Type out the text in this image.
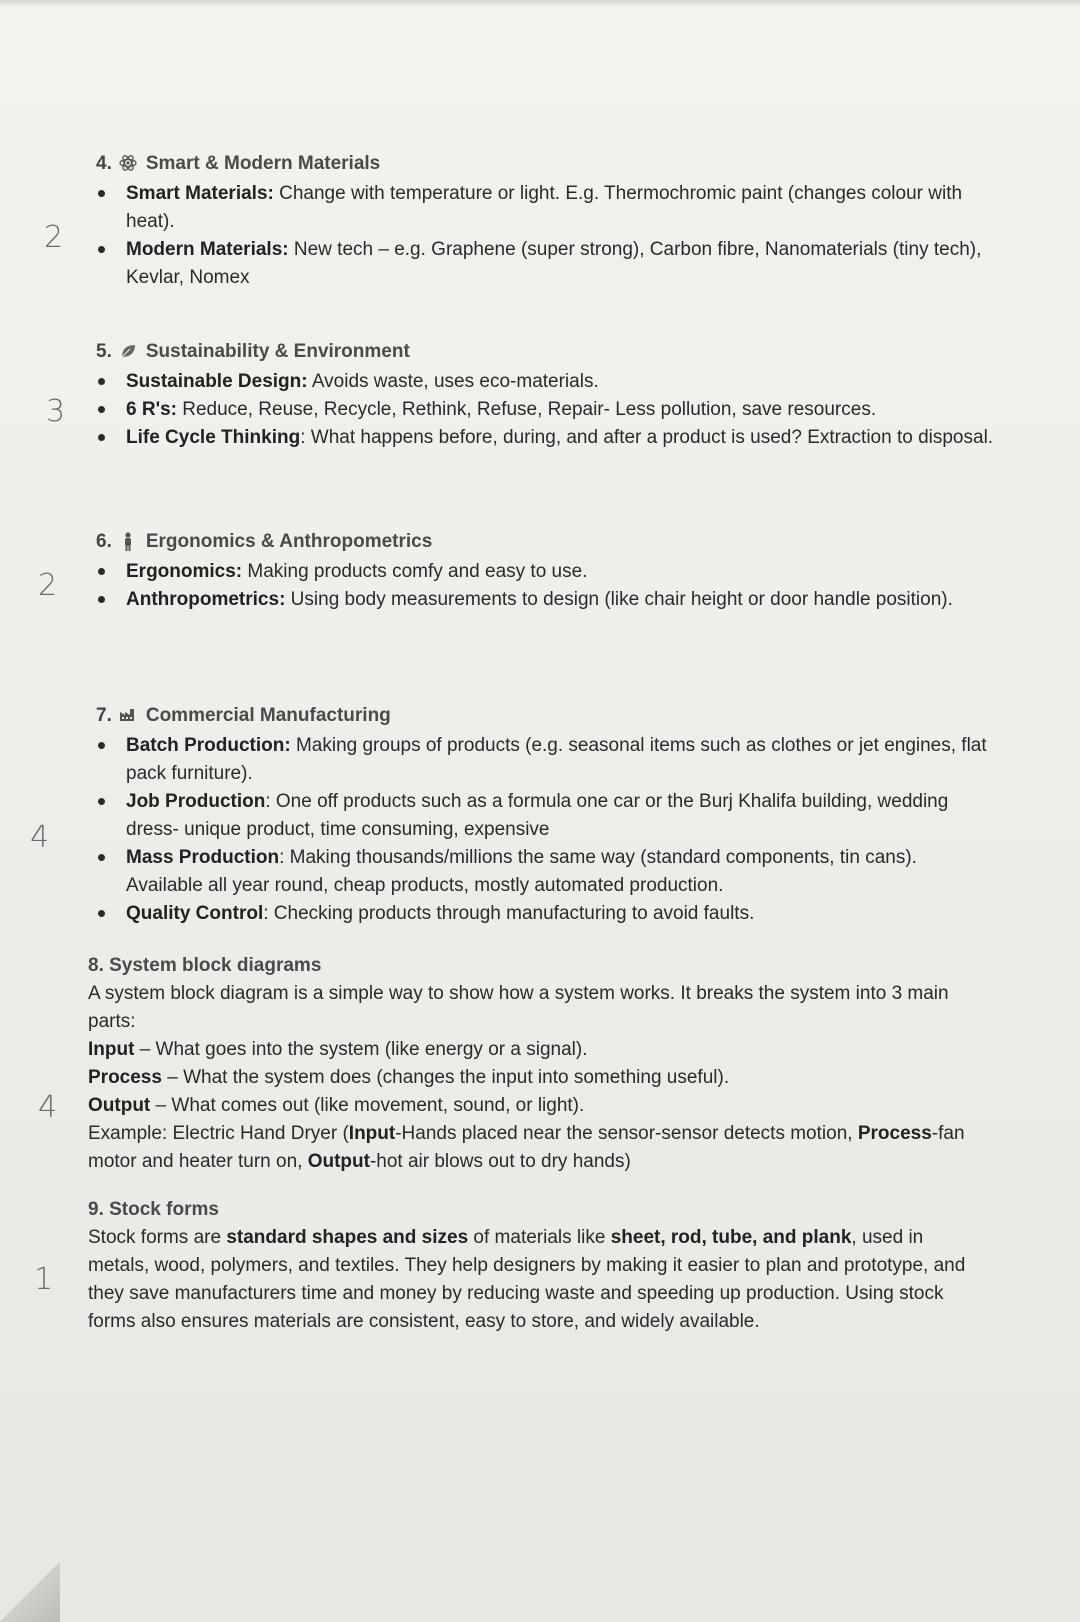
2
3
2
4
4
1
4. Smart & Modern Materials
Smart Materials: Change with temperature or light. E.g. Thermochromic paint (changes colour with heat).
Modern Materials: New tech – e.g. Graphene (super strong), Carbon fibre, Nanomaterials (tiny tech), Kevlar, Nomex
5. Sustainability & Environment
Sustainable Design: Avoids waste, uses eco-materials.
6 R's: Reduce, Reuse, Recycle, Rethink, Refuse, Repair- Less pollution, save resources.
Life Cycle Thinking: What happens before, during, and after a product is used? Extraction to disposal.
6. Ergonomics & Anthropometrics
Ergonomics: Making products comfy and easy to use.
Anthropometrics: Using body measurements to design (like chair height or door handle position).
7. Commercial Manufacturing
Batch Production: Making groups of products (e.g. seasonal items such as clothes or jet engines, flat pack furniture).
Job Production: One off products such as a formula one car or the Burj Khalifa building, wedding dress- unique product, time consuming, expensive
Mass Production: Making thousands/millions the same way (standard components, tin cans). Available all year round, cheap products, mostly automated production.
Quality Control: Checking products through manufacturing to avoid faults.

8. System block diagrams

A system block diagram is a simple way to show how a system works. It breaks the system into 3 main parts:

Input – What goes into the system (like energy or a signal).

Process – What the system does (changes the input into something useful).

Output – What comes out (like movement, sound, or light).

Example: Electric Hand Dryer (Input-Hands placed near the sensor-sensor detects motion, Process-fan motor and heater turn on, Output-hot air blows out to dry hands)

9. Stock forms

Stock forms are standard shapes and sizes of materials like sheet, rod, tube, and plank, used in metals, wood, polymers, and textiles. They help designers by making it easier to plan and prototype, and they save manufacturers time and money by reducing waste and speeding up production. Using stock forms also ensures materials are consistent, easy to store, and widely available.
